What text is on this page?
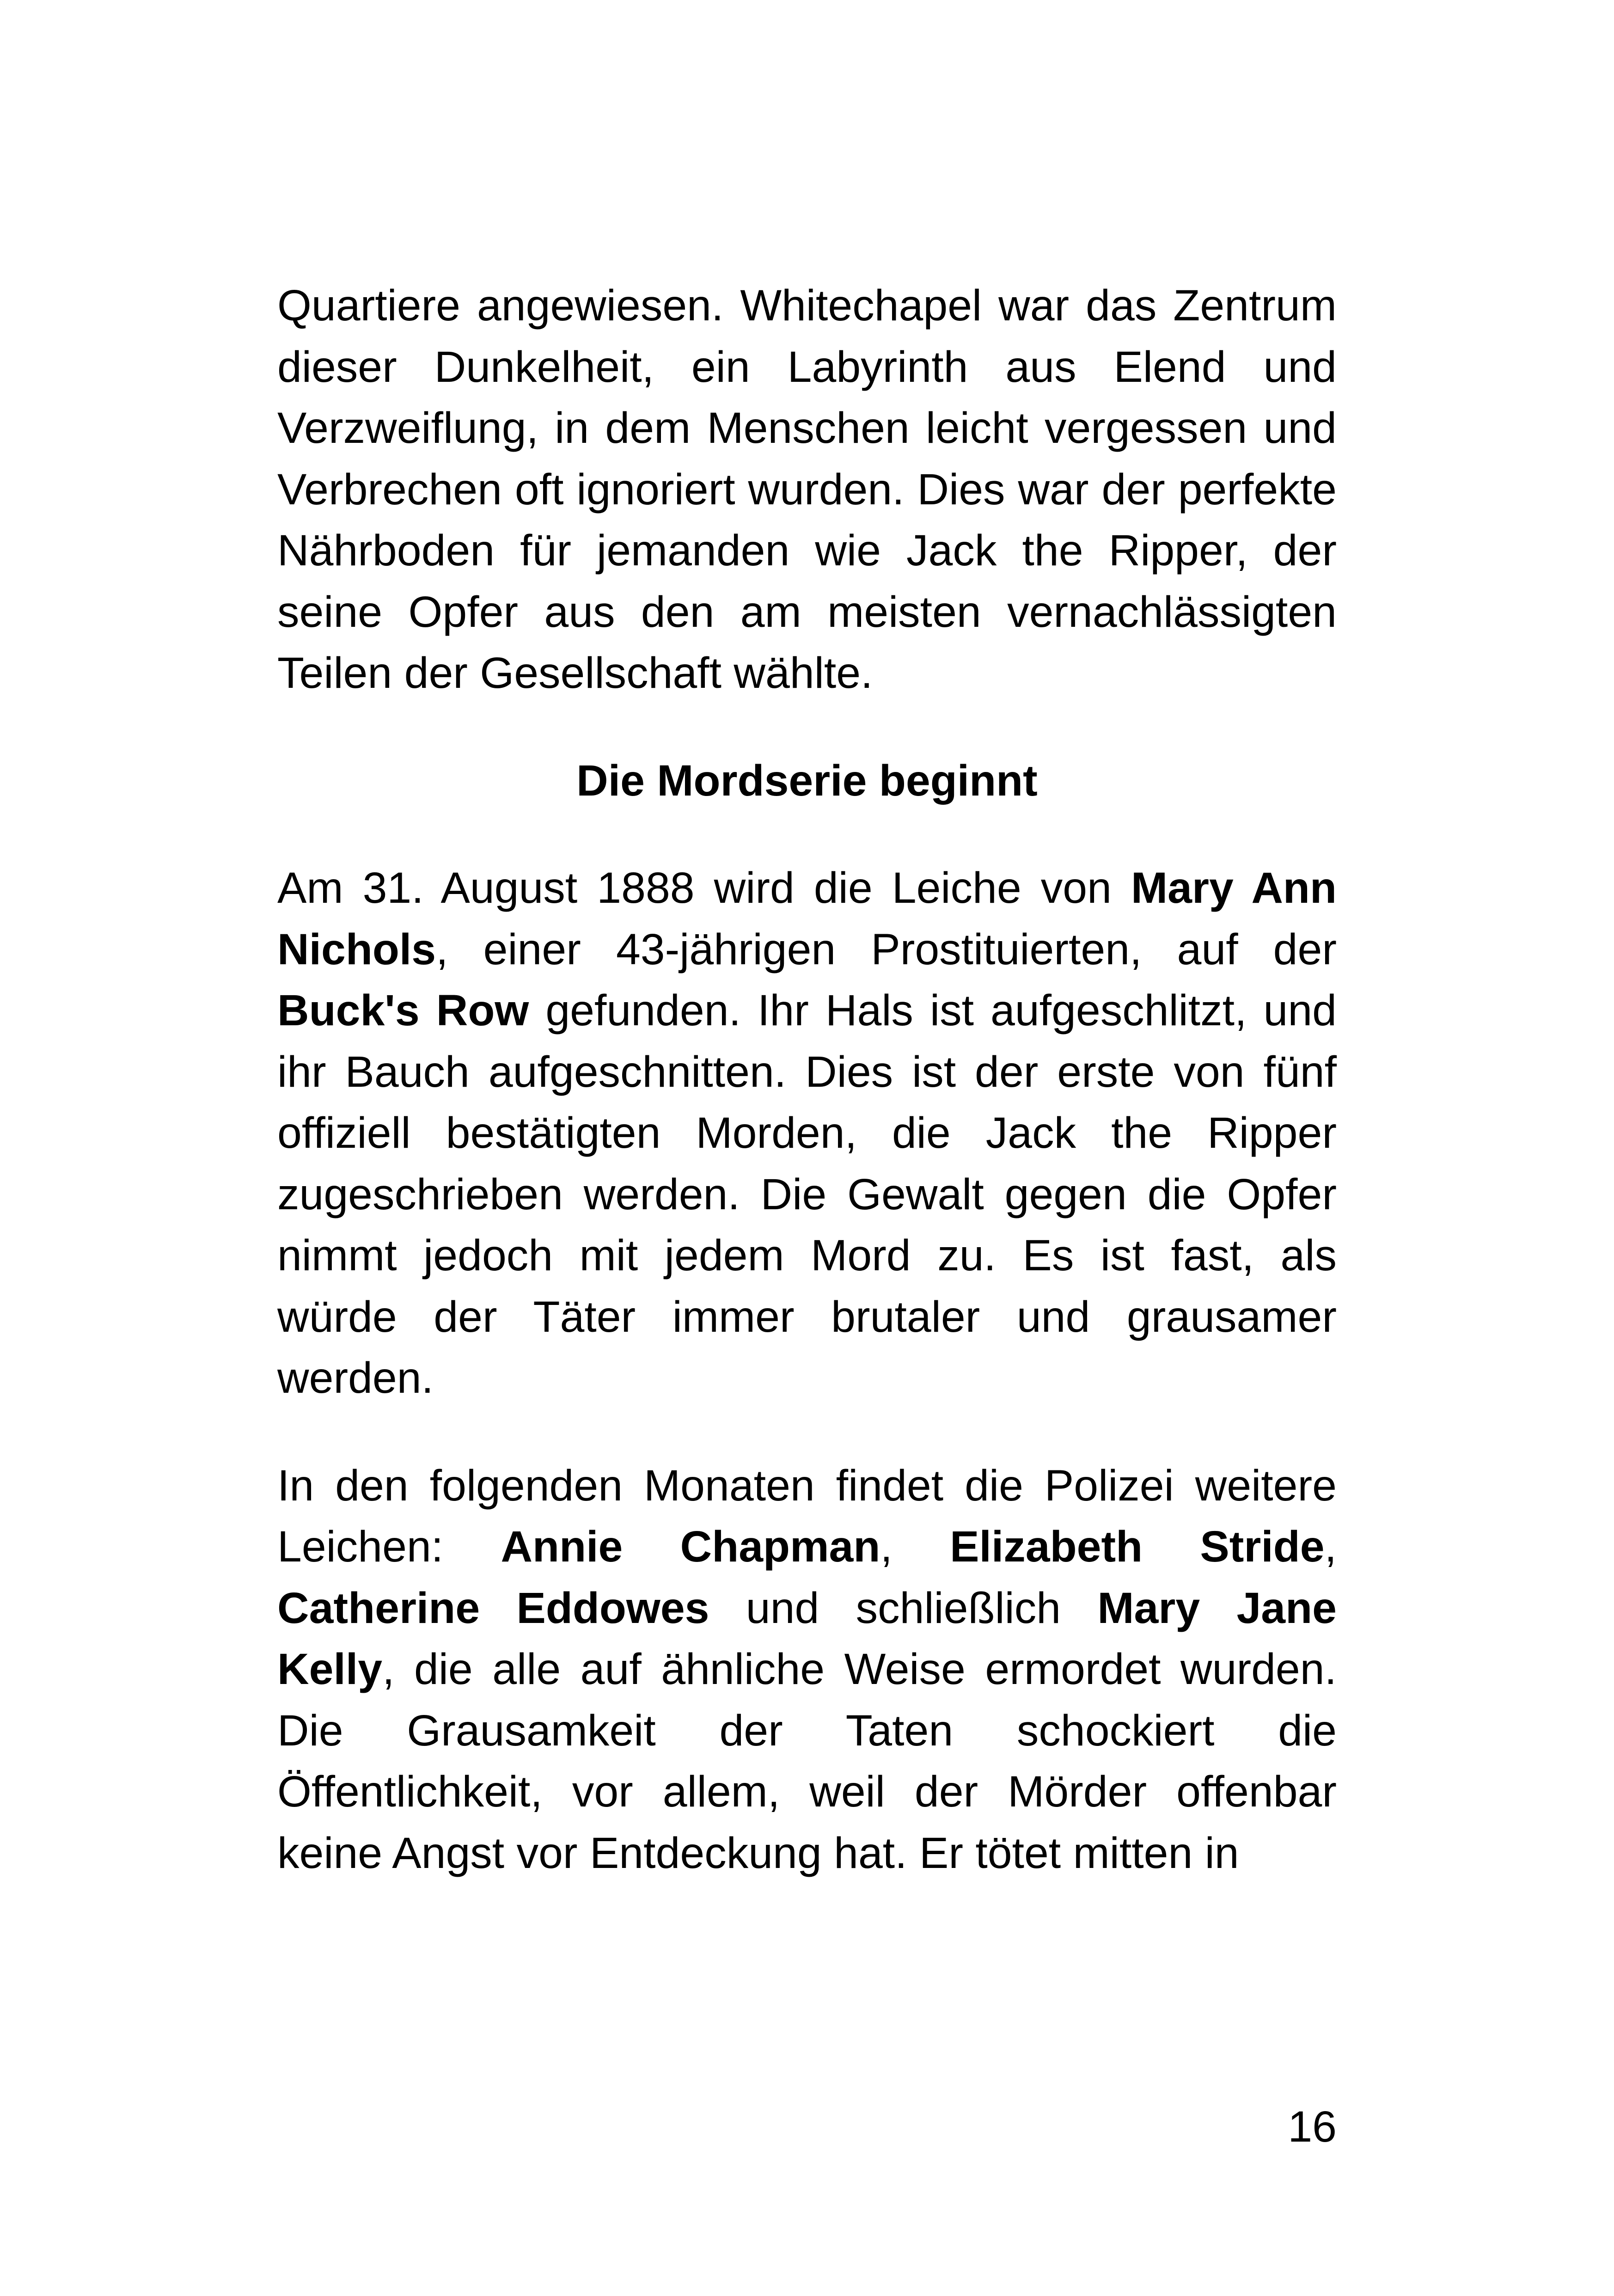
Quartiere angewiesen. Whitechapel war das Zentrum dieser Dunkelheit, ein Labyrinth aus Elend und Verzweiflung, in dem Menschen leicht vergessen und Verbrechen oft ignoriert wurden. Dies war der perfekte Nährboden für jemanden wie Jack the Ripper, der seine Opfer aus den am meisten vernachlässigten Teilen der Gesellschaft wählte.

Die Mordserie beginnt

Am 31. August 1888 wird die Leiche von Mary Ann Nichols, einer 43-jährigen Prostituierten, auf der Buck's Row gefunden. Ihr Hals ist aufgeschlitzt, und ihr Bauch aufgeschnitten. Dies ist der erste von fünf offiziell bestätigten Morden, die Jack the Ripper zugeschrieben werden. Die Gewalt gegen die Opfer nimmt jedoch mit jedem Mord zu. Es ist fast, als würde der Täter immer brutaler und grausamer werden.

In den folgenden Monaten findet die Polizei weitere Leichen: Annie Chapman, Elizabeth Stride, Catherine Eddowes und schließlich Mary Jane Kelly, die alle auf ähnliche Weise ermordet wurden. Die Grausamkeit der Taten schockiert die Öffentlichkeit, vor allem, weil der Mörder offenbar keine Angst vor Entdeckung hat. Er tötet mitten in

16
